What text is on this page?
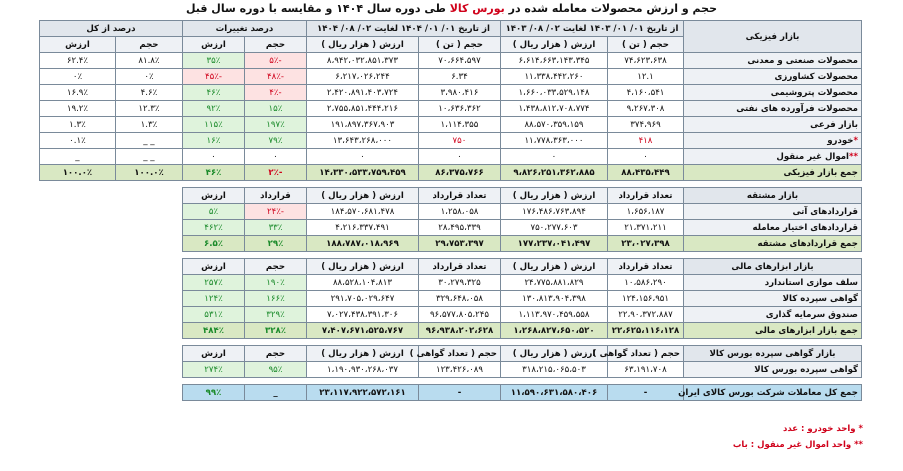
حجم و ارزش محصولات معامله شده در بورس کالا طی دوره سال ۱۴۰۴ و مقایسه با دوره سال قبل
بازار فیزیکی	از تاریخ ۰۱/ ۰۱/ ۱۴۰۳ لغایت ۰۲/ ۰۸/ ۱۴۰۳		از تاریخ ۰۱/ ۰۱/ ۱۴۰۴ لغایت ۰۲/ ۰۸/ ۱۴۰۴		درصد تغییرات		درصد از کل	
	حجم ( تن )	ارزش ( هزار ریال )	حجم ( تن )	ارزش ( هزار ریال )	حجم	ارزش	حجم	ارزش
محصولات صنعتی و معدنی	۷۴،۶۲۳،۶۳۸	۶،۶۱۴،۶۶۳،۱۴۳،۳۴۵	۷۰،۶۶۴،۵۹۷	۸،۹۴۲،۰۳۲،۸۵۱،۳۷۳	-۵٪	۳۵٪	۸۱.۸٪	۶۲.۴٪
محصولات کشاورزی	۱۲.۱	۱۱،۳۳۸،۴۴۲،۲۶۰	۶.۳۴	۶،۲۱۷،۰۲۶،۲۴۴	-۴۸٪	-۴۵٪	۰٪	۰٪
محصولات پتروشیمی	۴،۱۶۰،۵۴۱	۱،۶۶۰،۰۳۳،۵۲۹،۱۴۸	۳،۹۸۰،۴۱۶	۲،۴۲۰،۸۹۱،۴۰۳،۷۲۴	-۴٪	۴۶٪	۴.۶٪	۱۶.۹٪
محصولات فرآورده های نفتی	۹،۲۶۷،۳۰۸	۱،۴۳۸،۸۱۲،۷۰۸،۷۷۴	۱۰،۶۳۶،۳۶۲	۲،۷۵۵،۸۵۱،۴۴۴،۲۱۶	۱۵٪	۹۲٪	۱۲.۳٪	۱۹.۲٪
بازار فرعی	۳۷۴،۹۶۹	۸۸،۵۷۰،۳۵۹،۱۵۹	۱،۱۱۴،۳۵۵	۱۹۱،۸۹۷،۳۶۷،۹۰۳	۱۹۷٪	۱۱۵٪	۱.۳٪	۱.۳٪
*خودرو	۴۱۸	۱۱،۷۷۸،۳۶۳،۰۰۰	۷۵۰	۱۳،۶۴۳،۲۶۸،۰۰۰	۷۹٪	۱۶٪	_ _	۰.۱٪
**اموال غیر منقول	۰	۰	۰	۰	۰	۰	_ _	_
جمع بازار فیزیکی	۸۸،۴۳۵،۴۴۹	۹،۸۲۶،۲۵۱،۳۶۲،۸۸۵	۸۶،۳۷۵،۷۶۶	۱۴،۳۳۰،۵۳۳،۷۵۹،۴۵۹	-۲٪	۴۶٪	۱۰۰.۰٪	۱۰۰.۰٪
بازار مشتقه	تعداد قرارداد	ارزش ( هزار ریال )	تعداد قرارداد	ارزش ( هزار ریال )	قرارداد	ارزش	
قراردادهای آتی	۱،۶۵۶،۱۸۷	۱۷۶،۴۸۶،۷۶۳،۸۹۴	۱،۲۵۸،۰۵۸	۱۸۴،۵۷۰،۶۸۱،۴۷۸	-۲۴٪	۵٪	
قراردادهای اختیار معامله	۲۱،۳۷۱،۲۱۱	۷۵۰،۲۷۷،۶۰۳	۲۸،۴۹۵،۳۳۹	۴،۲۱۶،۳۳۷،۴۹۱	۳۳٪	۴۶۲٪	
جمع قراردادهای مشتقه	۲۳،۰۲۷،۳۹۸	۱۷۷،۲۳۷،۰۴۱،۴۹۷	۲۹،۷۵۳،۳۹۷	۱۸۸،۷۸۷،۰۱۸،۹۶۹	۲۹٪	۶.۵٪	
بازار ابزارهای مالی	تعداد قرارداد	ارزش ( هزار ریال )	تعداد قرارداد	ارزش ( هزار ریال )	حجم	ارزش	
سلف موازی استاندارد	۱۰،۵۸۶،۲۹۰	۲۴،۷۷۵،۸۸۱،۸۲۹	۳۰،۲۷۹،۳۲۵	۸۸،۵۲۸،۱۰۴،۸۱۳	۱۹۰٪	۲۵۷٪	
گواهی سپرده کالا	۱۲۴،۱۵۶،۹۵۱	۱۳۰،۸۱۳،۹۰۴،۳۹۸	۳۲۹،۶۴۸،۰۵۸	۲۹۱،۷۰۵،۰۲۹،۶۴۷	۱۶۶٪	۱۲۴٪	
صندوق سرمایه گذاری	۲۲،۹۰،۳۷۲،۸۸۷	۱،۱۱۳،۹۷۰،۴۵۹،۵۵۸	۹۶،۵۷۷،۸۰۵،۲۴۵	۷،۰۲۷،۴۳۸،۳۹۱،۳۰۶	۳۲۹٪	۵۳۱٪	
جمع بازار ابزارهای مالی	۲۲،۶۲۵،۱۱۶،۱۲۸	۱،۲۶۸،۸۲۷،۶۵۰،۵۲۰	۹۶،۹۳۸،۲۰۲،۶۲۸	۷،۴۰۷،۶۷۱،۵۲۵،۷۶۷	۳۲۸٪	۴۸۴٪	
بازار گواهی سپرده بورس کالا	حجم ( تعداد گواهی )	ارزش ( هزار ریال )	حجم ( تعداد گواهی )	ارزش ( هزار ریال )	حجم	ارزش	
گواهی سپرده بورس کالا	۶۳،۱۹۱،۷۰۸	۳۱۸،۲۱۵،۰۶۵،۵۰۳	۱۲۳،۴۲۶،۰۸۹	۱،۱۹۰،۹۳۰،۲۶۸،۰۳۷	۹۵٪	۲۷۴٪	
جمع کل معاملات شرکت بورس کالای ایران	-	۱۱،۵۹۰،۶۳۱،۵۸۰،۴۰۶	-	۲۳،۱۱۷،۹۲۲،۵۷۲،۱۶۱	_	۹۹٪	
* واحد خودرو : عدد
** واحد اموال غیر منقول : باب
